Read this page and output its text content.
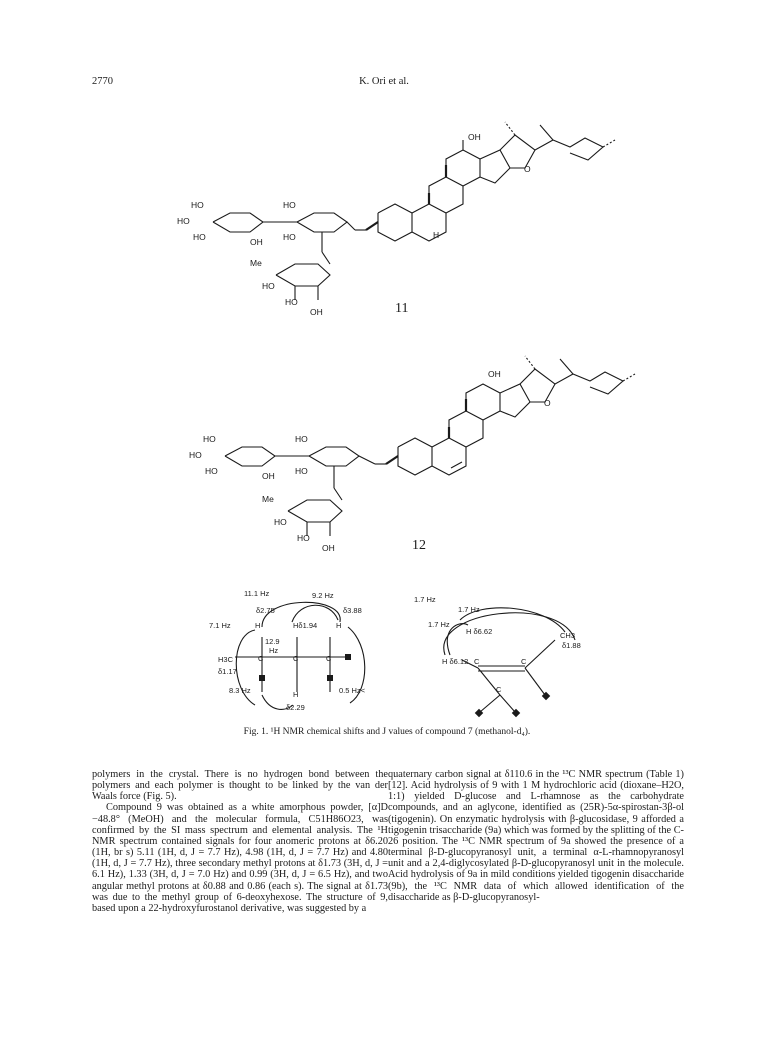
2770	K. Ori et al.
HO
HO
HO	OH
HO
HO
Me
HO
HO
OH
OH
H
O
11
HO
HO
HO	OH
HO
HO
Me
HO
HO
OH
OH
O
12
11.1 Hz	9.2 Hz
δ2.75	δ3.88
7.1 Hz	H	Hδ1.94	H
12.9
Hz
H3C	C	C	C
δ1.17
8.3 Hz	H	0.5 Hz<
δ2.29
1.7 Hz
1.7 Hz
1.7 Hz
H δ6.62	CH3
δ1.88
H δ6.12 C	C
C
Fig. 1. ¹H NMR chemical shifts and J values of compound 7 (methanol-d₄).

polymers in the crystal. There is no hydrogen bond between the polymers and each polymer is thought to be linked by the van der Waals force (Fig. 5).

Compound 9 was obtained as a white amorphous powder, [α]D −48.8° (MeOH) and the molecular formula, C51H86O23, was confirmed by the SI mass spectrum and elemental analysis. The ¹H NMR spectrum contained signals for four anomeric protons at δ6.20 (1H, br s) 5.11 (1H, d, J = 7.7 Hz), 4.98 (1H, d, J = 7.7 Hz) and 4.80 (1H, d, J = 7.7 Hz), three secondary methyl protons at δ1.73 (3H, d, J = 6.1 Hz), 1.33 (3H, d, J = 7.0 Hz) and 0.99 (3H, d, J = 6.5 Hz), and two angular methyl protons at δ0.88 and 0.86 (each s). The signal at δ1.73 was due to the methyl group of 6-deoxyhexose. The structure of 9, based upon a 22-hydroxyfurostanol derivative, was suggested by a

quaternary carbon signal at δ110.6 in the ¹³C NMR spectrum (Table 1) [12]. Acid hydrolysis of 9 with 1 M hydrochloric acid (dioxane–H2O, 1:1) yielded D-glucose and L-rhamnose as the carbohydrate compounds, and an aglycone, identified as (25R)-5α-spirostan-3β-ol (tigogenin). On enzymatic hydrolysis with β-glucosidase, 9 afforded a tigogenin trisaccharide (9a) which was formed by the splitting of the C-26 position. The ¹³C NMR spectrum of 9a showed the presence of a terminal β-D-glucopyranosyl unit, a terminal α-L-rhamnopyranosyl unit and a 2,4-diglycosylated β-D-glucopyranosyl unit in the molecule. Acid hydrolysis of 9a in mild conditions yielded tigogenin disaccharide (9b), the ¹³C NMR data of which allowed identification of the disaccharide as β-D-glucopyranosyl-
